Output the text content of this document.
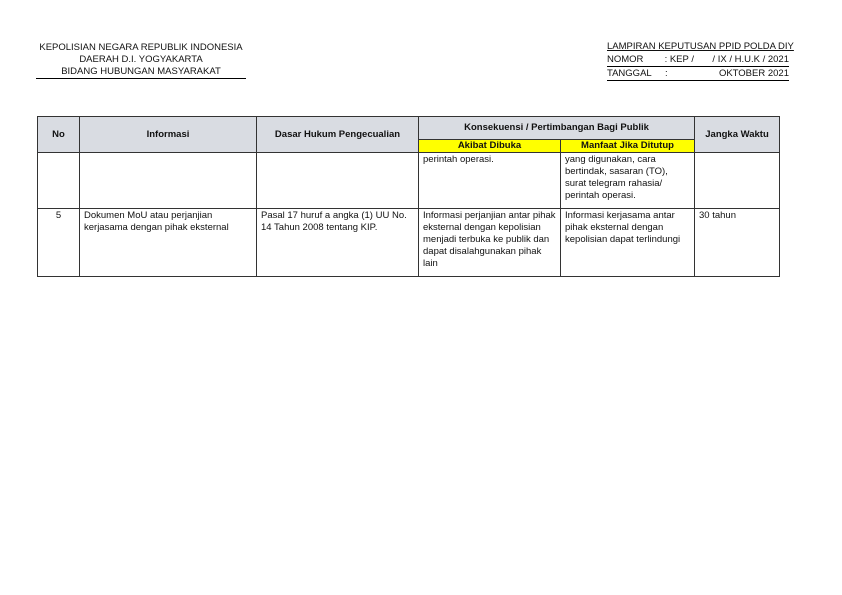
KEPOLISIAN NEGARA REPUBLIK INDONESIA
DAERAH D.I. YOGYAKARTA
BIDANG HUBUNGAN MASYARAKAT
LAMPIRAN KEPUTUSAN PPID POLDA DIY
NOMOR	: KEP /       / IX / H.U.K / 2021
TANGGAL	:	OKTOBER 2021
No	Informasi	Dasar Hukum Pengecualian	Konsekuensi / Pertimbangan Bagi Publik		Jangka Waktu
			Akibat Dibuka	Manfaat Jika Ditutup	
			perintah operasi.	yang digunakan, cara bertindak, sasaran (TO), surat telegram rahasia/ perintah operasi.	
5	Dokumen MoU atau perjanjian kerjasama dengan pihak eksternal	Pasal 17 huruf a angka (1) UU No. 14 Tahun 2008 tentang KIP.	Informasi perjanjian antar pihak eksternal dengan kepolisian menjadi terbuka ke publik dan dapat disalahgunakan pihak lain	Informasi kerjasama antar pihak eksternal dengan kepolisian dapat terlindungi	30 tahun
